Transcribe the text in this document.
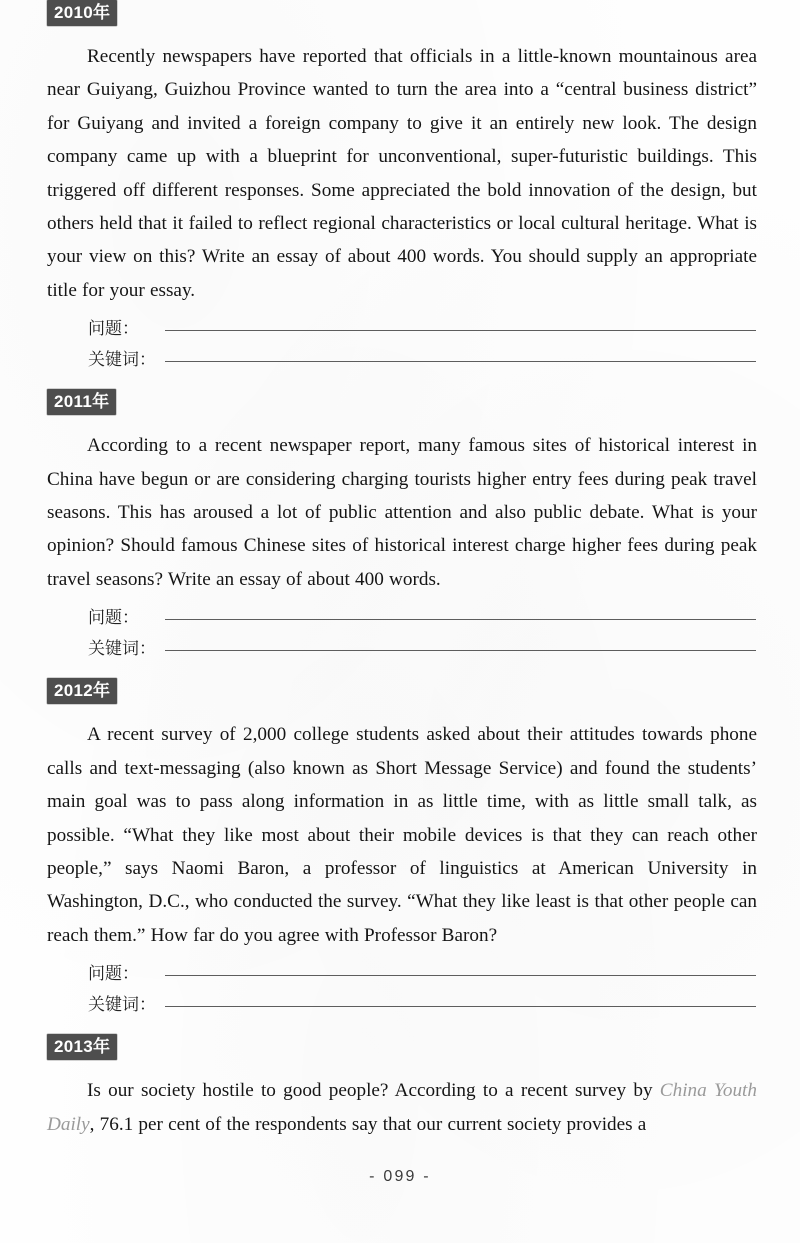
2010年

Recently newspapers have reported that officials in a little-known mountainous area near Guiyang, Guizhou Province wanted to turn the area into a “central business district” for Guiyang and invited a foreign company to give it an entirely new look. The design company came up with a blueprint for unconventional, super-futuristic buildings. This triggered off different responses. Some appreciated the bold innovation of the design, but others held that it failed to reflect regional characteristics or local cultural heritage. What is your view on this? Write an essay of about 400 words. You should supply an appropriate title for your essay.

问题：
关键词：
2011年

According to a recent newspaper report, many famous sites of historical interest in China have begun or are considering charging tourists higher entry fees during peak travel seasons. This has aroused a lot of public attention and also public debate. What is your opinion? Should famous Chinese sites of historical interest charge higher fees during peak travel seasons? Write an essay of about 400 words.

问题：
关键词：
2012年

A recent survey of 2,000 college students asked about their attitudes towards phone calls and text-messaging (also known as Short Message Service) and found the students’ main goal was to pass along information in as little time, with as little small talk, as possible. “What they like most about their mobile devices is that they can reach other people,” says Naomi Baron, a professor of linguistics at American University in Washington, D.C., who conducted the survey. “What they like least is that other people can reach them.” How far do you agree with Professor Baron?

问题：
关键词：
2013年

Is our society hostile to good people? According to a recent survey by China Youth Daily, 76.1 per cent of the respondents say that our current society provides a

- 099 -
